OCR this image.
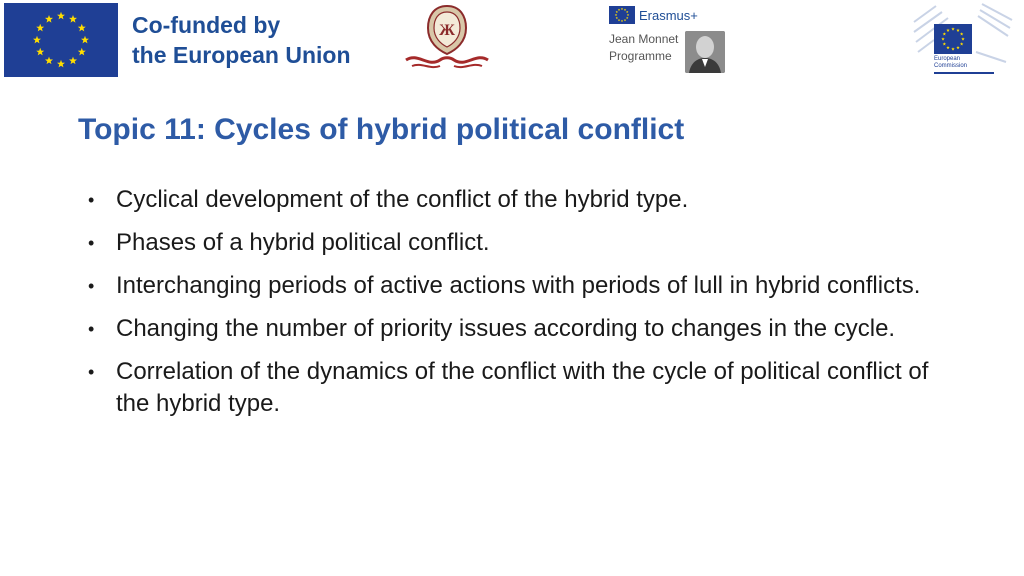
Co-funded by
the European Union
Ж
Erasmus+
Jean Monnet
Programme	European
Commission
Topic 11: Cycles of hybrid political conflict
• Cyclical development of the conflict of the hybrid type.
• Phases of a hybrid political conflict.
• Interchanging periods of active actions with periods of lull in hybrid conflicts.
• Changing the number of priority issues according to changes in the cycle.
• Correlation of the dynamics of the conflict with the cycle of political conflict of the hybrid type.
